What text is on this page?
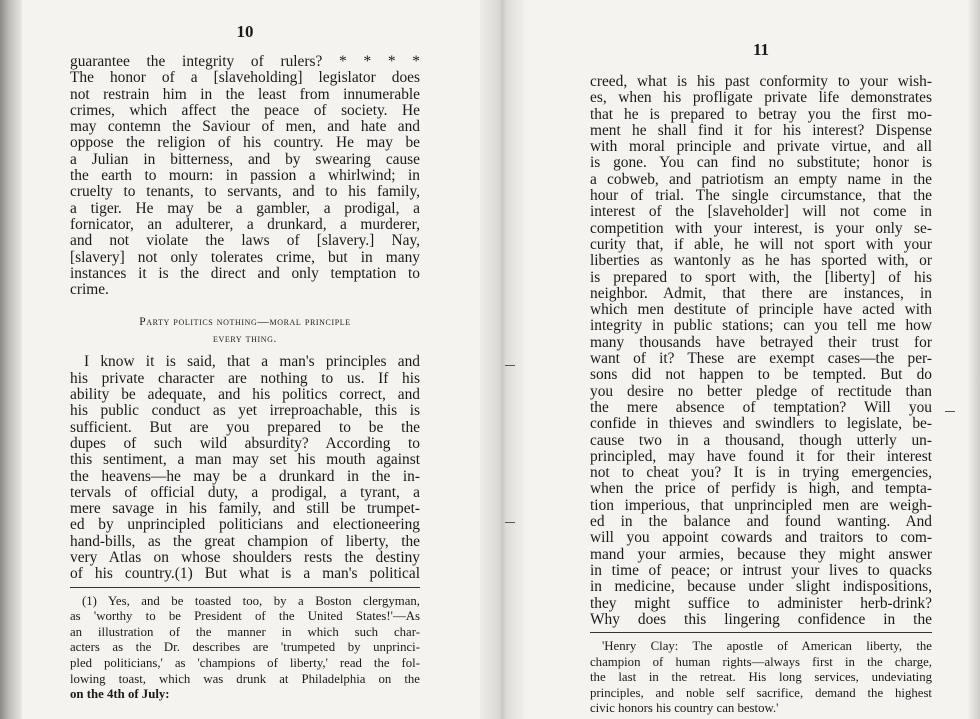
10
guarantee the integrity of rulers? * * * *
The honor of a [slaveholding] legislator does
not restrain him in the least from innumerable
crimes, which affect the peace of society. He
may contemn the Saviour of men, and hate and
oppose the religion of his country. He may be
a Julian in bitterness, and by swearing cause
the earth to mourn: in passion a whirlwind; in
cruelty to tenants, to servants, and to his family,
a tiger. He may be a gambler, a prodigal, a
fornicator, an adulterer, a drunkard, a murderer,
and not violate the laws of [slavery.] Nay,
[slavery] not only tolerates crime, but in many
instances it is the direct and only temptation to
crime.
Party politics nothing—moral principle
every thing.
I know it is said, that a man's principles and
his private character are nothing to us. If his
ability be adequate, and his politics correct, and
his public conduct as yet irreproachable, this is
sufficient. But are you prepared to be the
dupes of such wild absurdity? According to
this sentiment, a man may set his mouth against
the heavens—he may be a drunkard in the in-
tervals of official duty, a prodigal, a tyrant, a
mere savage in his family, and still be trumpet-
ed by unprincipled politicians and electioneering
hand-bills, as the great champion of liberty, the
very Atlas on whose shoulders rests the destiny
of his country.(1) But what is a man's political
(1) Yes, and be toasted too, by a Boston clergyman,
as 'worthy to be President of the United States!'—As
an illustration of the manner in which such char-
acters as the Dr. describes are 'trumpeted by unprinci-
pled politicians,' as 'champions of liberty,' read the fol-
lowing toast, which was drunk at Philadelphia on the
on the 4th of July:
11
creed, what is his past conformity to your wish-
es, when his profligate private life demonstrates
that he is prepared to betray you the first mo-
ment he shall find it for his interest? Dispense
with moral principle and private virtue, and all
is gone. You can find no substitute; honor is
a cobweb, and patriotism an empty name in the
hour of trial. The single circumstance, that the
interest of the [slaveholder] will not come in
competition with your interest, is your only se-
curity that, if able, he will not sport with your
liberties as wantonly as he has sported with, or
is prepared to sport with, the [liberty] of his
neighbor. Admit, that there are instances, in
which men destitute of principle have acted with
integrity in public stations; can you tell me how
many thousands have betrayed their trust for
want of it? These are exempt cases—the per-
sons did not happen to be tempted. But do
you desire no better pledge of rectitude than
the mere absence of temptation? Will you
confide in thieves and swindlers to legislate, be-
cause two in a thousand, though utterly un-
principled, may have found it for their interest
not to cheat you? It is in trying emergencies,
when the price of perfidy is high, and tempta-
tion imperious, that unprincipled men are weigh-
ed in the balance and found wanting. And
will you appoint cowards and traitors to com-
mand your armies, because they might answer
in time of peace; or intrust your lives to quacks
in medicine, because under slight indispositions,
they might suffice to administer herb-drink?
Why does this lingering confidence in the
'Henry Clay: The apostle of American liberty, the
champion of human rights—always first in the charge,
the last in the retreat. His long services, undeviating
principles, and noble self sacrifice, demand the highest
civic honors his country can bestow.'
